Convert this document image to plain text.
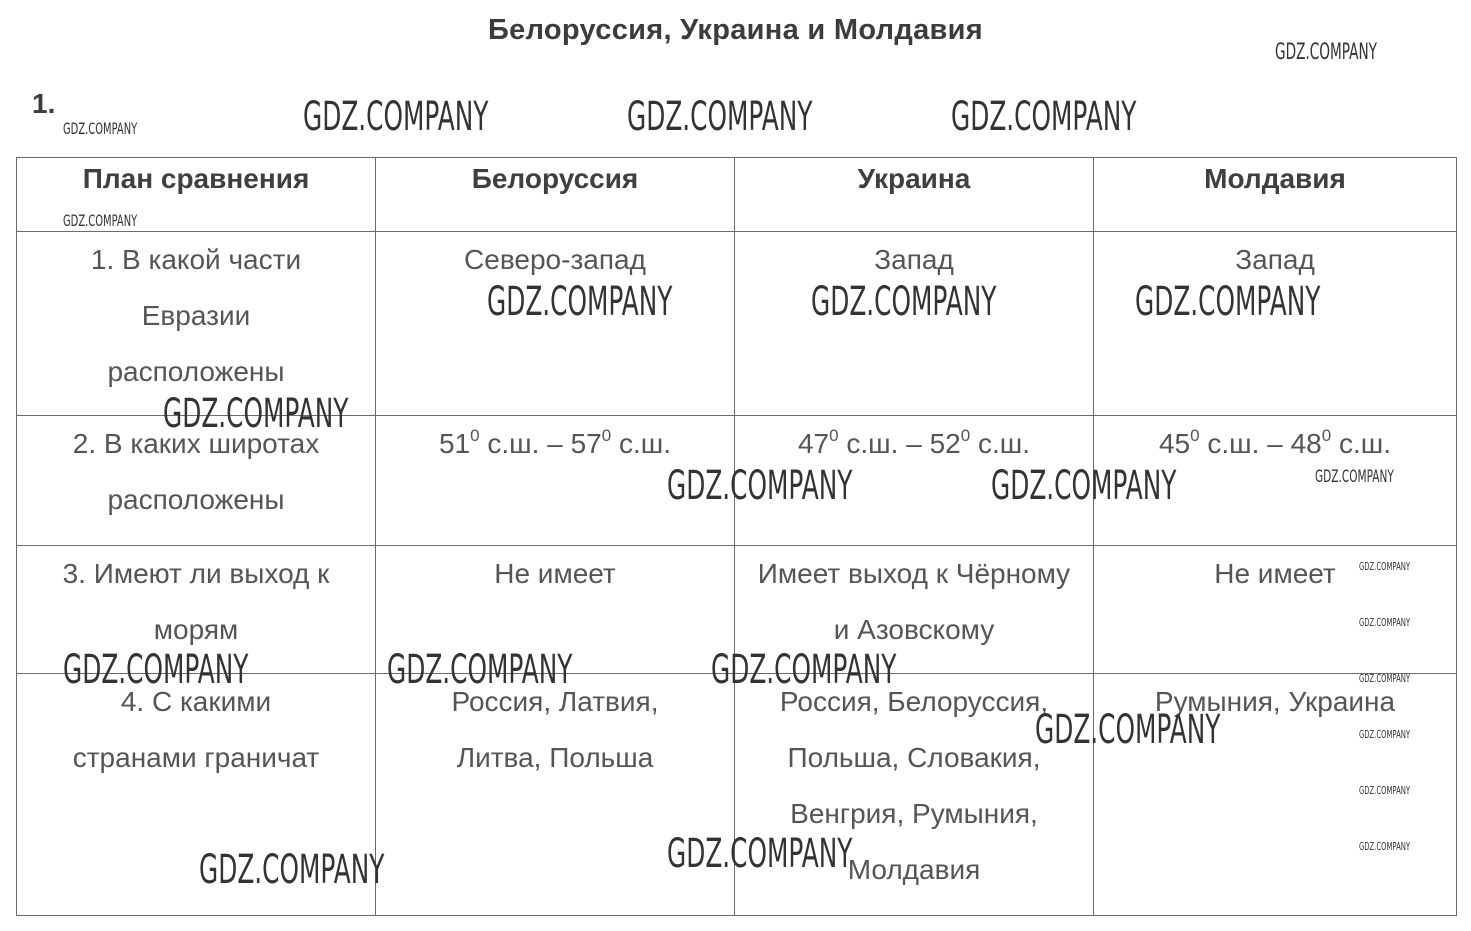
Белоруссия, Украина и Молдавия
1.
План сравнения	Белоруссия	Украина	Молдавия

1. В какой части Евразии расположены	Северо-запад	Запад	Запад

2. В каких широтах расположены	$51^0$ с.ш. – $57^0$ с.ш.	$47^0$ с.ш. – $52^0$ с.ш.	$45^0$ с.ш. – $48^0$ с.ш.

3. Имеют ли выход к морям	Не имеет	Имеет выход к Чёрному и Азовскому	Не имеет

4. С какими странами граничат	Россия, Латвия, Литва, Польша	Россия, Белоруссия, Польша, Словакия, Венгрия, Румыния, Молдавия	Румыния, Украина
GDZ.COMPANY
GDZ.COMPANY	GDZ.COMPANY	GDZ.COMPANY	GDZ.COMPANY
GDZ.COMPANY
GDZ.COMPANY	GDZ.COMPANY	GDZ.COMPANY
GDZ.COMPANY
GDZ.COMPANY	GDZ.COMPANY	GDZ.COMPANY
GDZ.COMPANY
GDZ.COMPANY
GDZ.COMPANY	GDZ.COMPANY	GDZ.COMPANY	GDZ.COMPANY
GDZ.COMPANY	GDZ.COMPANY
GDZ.COMPANY
GDZ.COMPANY	GDZ.COMPANY
GDZ.COMPANY
